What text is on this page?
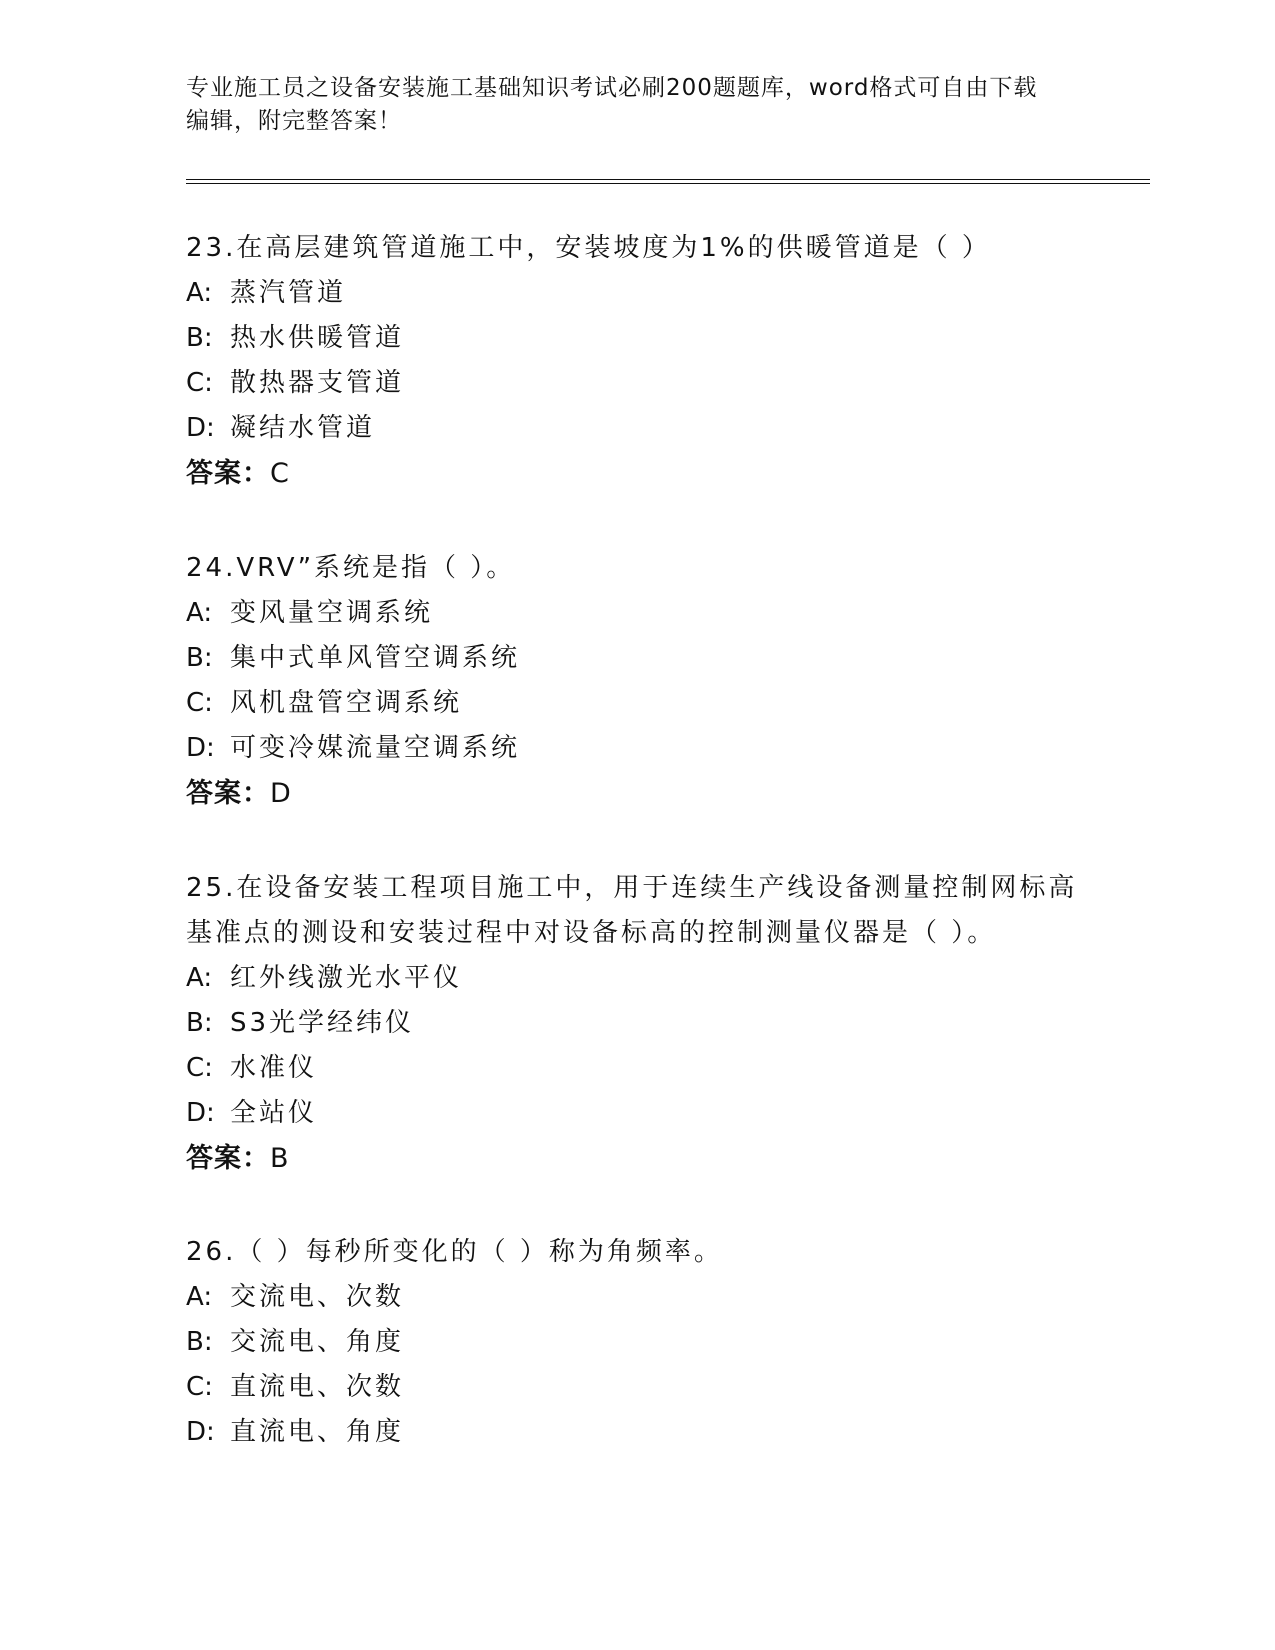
专业施工员之设备安装施工基础知识考试必刷200题题库，word格式可自由下载
编辑，附完整答案！

23.在高层建筑管道施工中，安装坡度为1%的供暖管道是（ ）

A: 蒸汽管道

B: 热水供暖管道

C: 散热器支管道

D: 凝结水管道

答案：C

24.VRV”系统是指（ ）。

A: 变风量空调系统

B: 集中式单风管空调系统

C: 风机盘管空调系统

D: 可变冷媒流量空调系统

答案：D

25.在设备安装工程项目施工中，用于连续生产线设备测量控制网标高基准点的测设和安装过程中对设备标高的控制测量仪器是（ ）。

A: 红外线激光水平仪

B: S3光学经纬仪

C: 水准仪

D: 全站仪

答案：B

26.（ ）每秒所变化的（ ）称为角频率。

A: 交流电、次数

B: 交流电、角度

C: 直流电、次数

D: 直流电、角度
